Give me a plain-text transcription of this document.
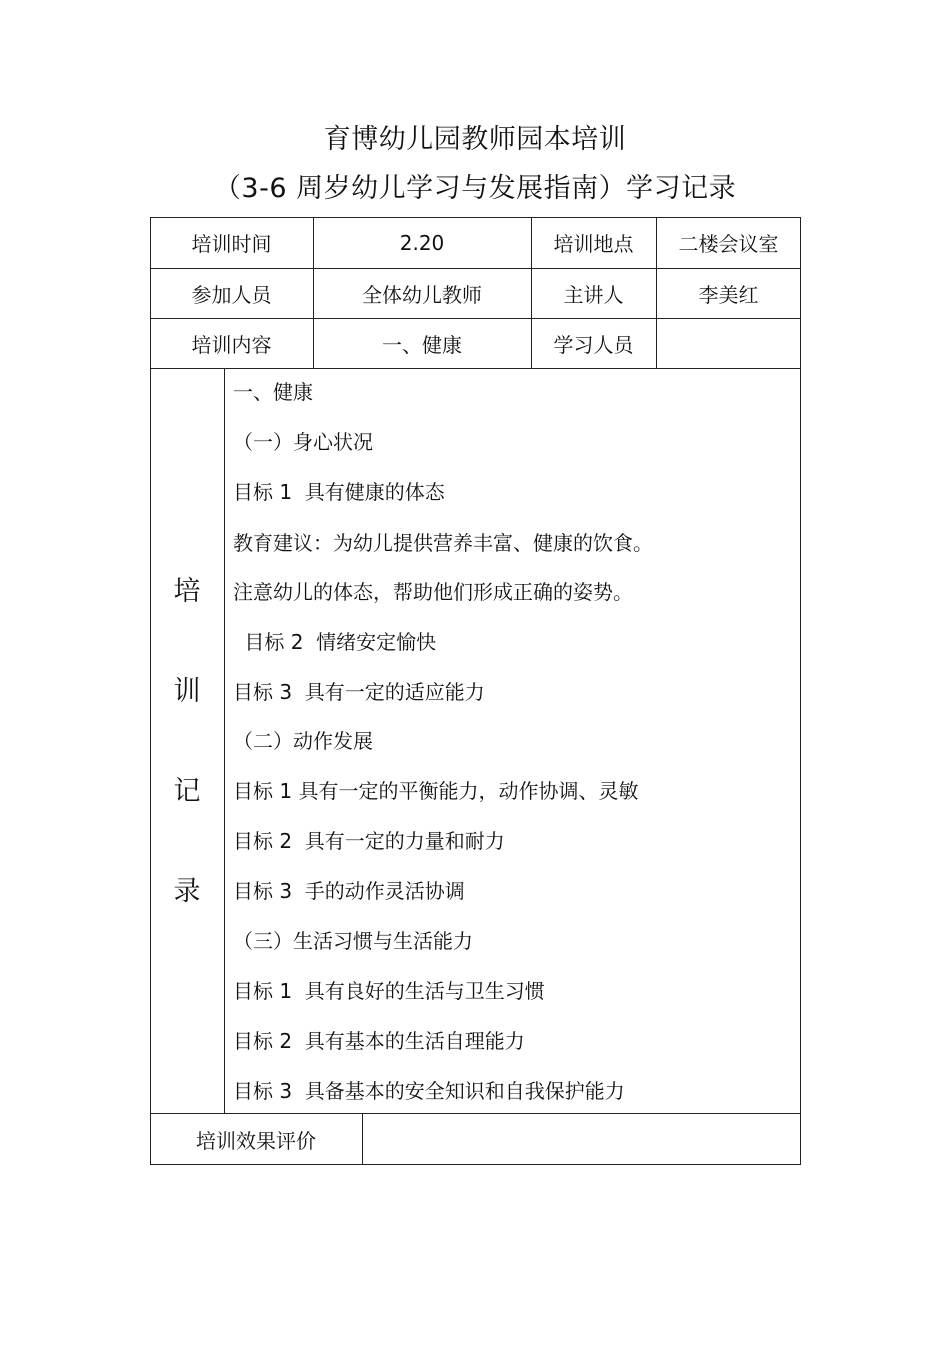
育博幼儿园教师园本培训
（3-6 周岁幼儿学习与发展指南）学习记录
培训时间	2.20	培训地点	二楼会议室
参加人员	全体幼儿教师	主讲人	李美红
培训内容	一、健康	学习人员
培
训
记
录
一、健康
（一）身心状况
目标 1  具有健康的体态
教育建议：为幼儿提供营养丰富、健康的饮食。
注意幼儿的体态，帮助他们形成正确的姿势。
目标 2  情绪安定愉快
目标 3  具有一定的适应能力
（二）动作发展
目标 1 具有一定的平衡能力，动作协调、灵敏
目标 2  具有一定的力量和耐力
目标 3  手的动作灵活协调
（三）生活习惯与生活能力
目标 1  具有良好的生活与卫生习惯
目标 2  具有基本的生活自理能力
目标 3  具备基本的安全知识和自我保护能力
培训效果评价
